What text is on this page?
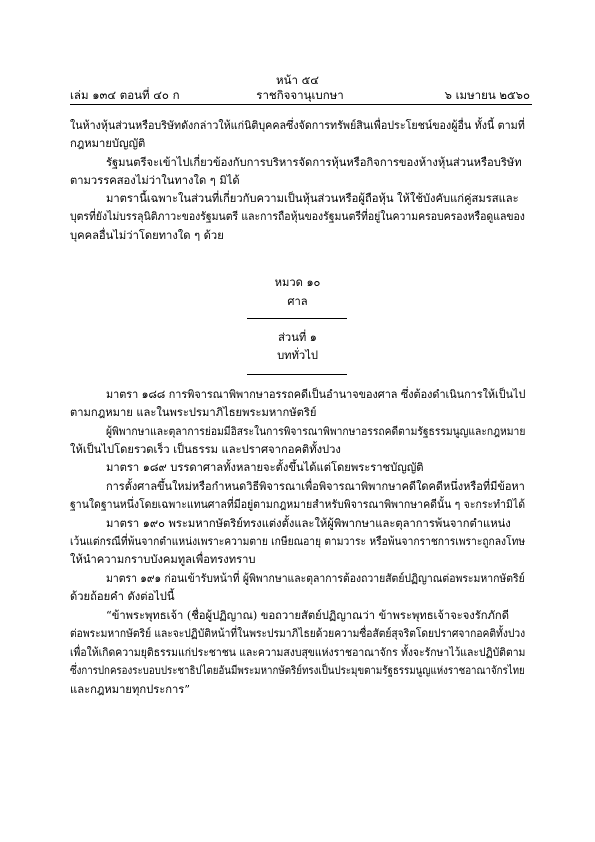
หน้า ๕๔
เล่ม ๑๓๔ ตอนที่ ๔๐ ก	ราชกิจจานุเบกษา	๖ เมษายน ๒๕๖๐
ในห้างหุ้นส่วนหรือบริษัทดังกล่าวให้แก่นิติบุคคลซึ่งจัดการทรัพย์สินเพื่อประโยชน์ของผู้อื่น ทั้งนี้ ตามที่
กฎหมายบัญญัติ
รัฐมนตรีจะเข้าไปเกี่ยวข้องกับการบริหารจัดการหุ้นหรือกิจการของห้างหุ้นส่วนหรือบริษัท
ตามวรรคสองไม่ว่าในทางใด ๆ มิได้
มาตรานี้เฉพาะในส่วนที่เกี่ยวกับความเป็นหุ้นส่วนหรือผู้ถือหุ้น ให้ใช้บังคับแก่คู่สมรสและ
บุตรที่ยังไม่บรรลุนิติภาวะของรัฐมนตรี และการถือหุ้นของรัฐมนตรีที่อยู่ในความครอบครองหรือดูแลของ
บุคคลอื่นไม่ว่าโดยทางใด ๆ ด้วย
หมวด ๑๐
ศาล
ส่วนที่ ๑
บททั่วไป
มาตรา ๑๘๘ การพิจารณาพิพากษาอรรถคดีเป็นอำนาจของศาล ซึ่งต้องดำเนินการให้เป็นไป
ตามกฎหมาย และในพระปรมาภิไธยพระมหากษัตริย์
ผู้พิพากษาและตุลาการย่อมมีอิสระในการพิจารณาพิพากษาอรรถคดีตามรัฐธรรมนูญและกฎหมาย
ให้เป็นไปโดยรวดเร็ว เป็นธรรม และปราศจากอคติทั้งปวง
มาตรา ๑๘๙ บรรดาศาลทั้งหลายจะตั้งขึ้นได้แต่โดยพระราชบัญญัติ
การตั้งศาลขึ้นใหม่หรือกำหนดวิธีพิจารณาเพื่อพิจารณาพิพากษาคดีใดคดีหนึ่งหรือที่มีข้อหา
ฐานใดฐานหนึ่งโดยเฉพาะแทนศาลที่มีอยู่ตามกฎหมายสำหรับพิจารณาพิพากษาคดีนั้น ๆ จะกระทำมิได้
มาตรา ๑๙๐ พระมหากษัตริย์ทรงแต่งตั้งและให้ผู้พิพากษาและตุลาการพ้นจากตำแหน่ง
เว้นแต่กรณีที่พ้นจากตำแหน่งเพราะความตาย เกษียณอายุ ตามวาระ หรือพ้นจากราชการเพราะถูกลงโทษ
ให้นำความกราบบังคมทูลเพื่อทรงทราบ
มาตรา ๑๙๑ ก่อนเข้ารับหน้าที่ ผู้พิพากษาและตุลาการต้องถวายสัตย์ปฏิญาณต่อพระมหากษัตริย์
ด้วยถ้อยคำ ดังต่อไปนี้
“ข้าพระพุทธเจ้า (ชื่อผู้ปฏิญาณ) ขอถวายสัตย์ปฏิญาณว่า ข้าพระพุทธเจ้าจะจงรักภักดี
ต่อพระมหากษัตริย์ และจะปฏิบัติหน้าที่ในพระปรมาภิไธยด้วยความซื่อสัตย์สุจริตโดยปราศจากอคติทั้งปวง
เพื่อให้เกิดความยุติธรรมแก่ประชาชน และความสงบสุขแห่งราชอาณาจักร ทั้งจะรักษาไว้และปฏิบัติตาม
ซึ่งการปกครองระบอบประชาธิปไตยอันมีพระมหากษัตริย์ทรงเป็นประมุขตามรัฐธรรมนูญแห่งราชอาณาจักรไทย
และกฎหมายทุกประการ”
